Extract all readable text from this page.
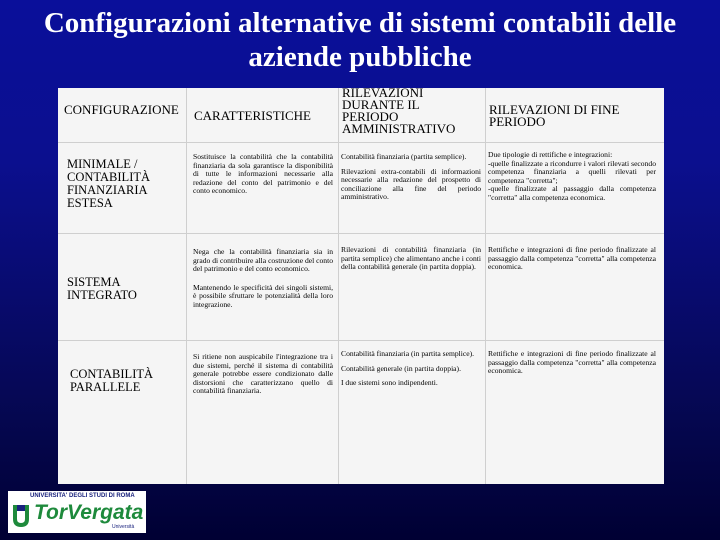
Configurazioni alternative di sistemi contabili delle
aziende pubbliche
CONFIGURAZIONE	CARATTERISTICHE
RILEVAZIONI DURANTE IL PERIODO AMMINISTRATIVO
RILEVAZIONI DI FINE PERIODO
MINIMALE / CONTABILITÀ FINANZIARIA ESTESA

Sostituisce la contabilità che la contabilità finanziaria da sola garantisce la disponibilità di tutte le informazioni necessarie alla redazione del conto del patrimonio e del conto economico.

Contabilità finanziaria (partita semplice).

Rilevazioni extra-contabili di informazioni necessarie alla redazione del prospetto di conciliazione alla fine del periodo amministrativo.

Due tipologie di rettifiche e integrazioni:

-quelle finalizzate a ricondurre i valori rilevati secondo competenza finanziaria a quelli rilevati per competenza "corretta";

-quelle finalizzate al passaggio dalla competenza "corretta" alla competenza economica.

SISTEMA INTEGRATO

Nega che la contabilità finanziaria sia in grado di contribuire alla costruzione del conto del patrimonio e del conto economico.

Mantenendo le specificità dei singoli sistemi, è possibile sfruttare le potenzialità della loro integrazione.

Rilevazioni di contabilità finanziaria (in partita semplice) che alimentano anche i conti della contabilità generale (in partita doppia).

Rettifiche e integrazioni di fine periodo finalizzate al passaggio dalla competenza "corretta" alla competenza economica.

CONTABILITÀ PARALLELE

Si ritiene non auspicabile l'integrazione tra i due sistemi, perché il sistema di contabilità generale potrebbe essere condizionato dalle distorsioni che caratterizzano quello di contabilità finanziaria.

Contabilità finanziaria (in partita semplice).

Contabilità generale (in partita doppia).

I due sistemi sono indipendenti.

Rettifiche e integrazioni di fine periodo finalizzate al passaggio dalla competenza "corretta" alla competenza economica.

UNIVERSITA' DEGLI STUDI DI ROMA
TorVergata
Università
